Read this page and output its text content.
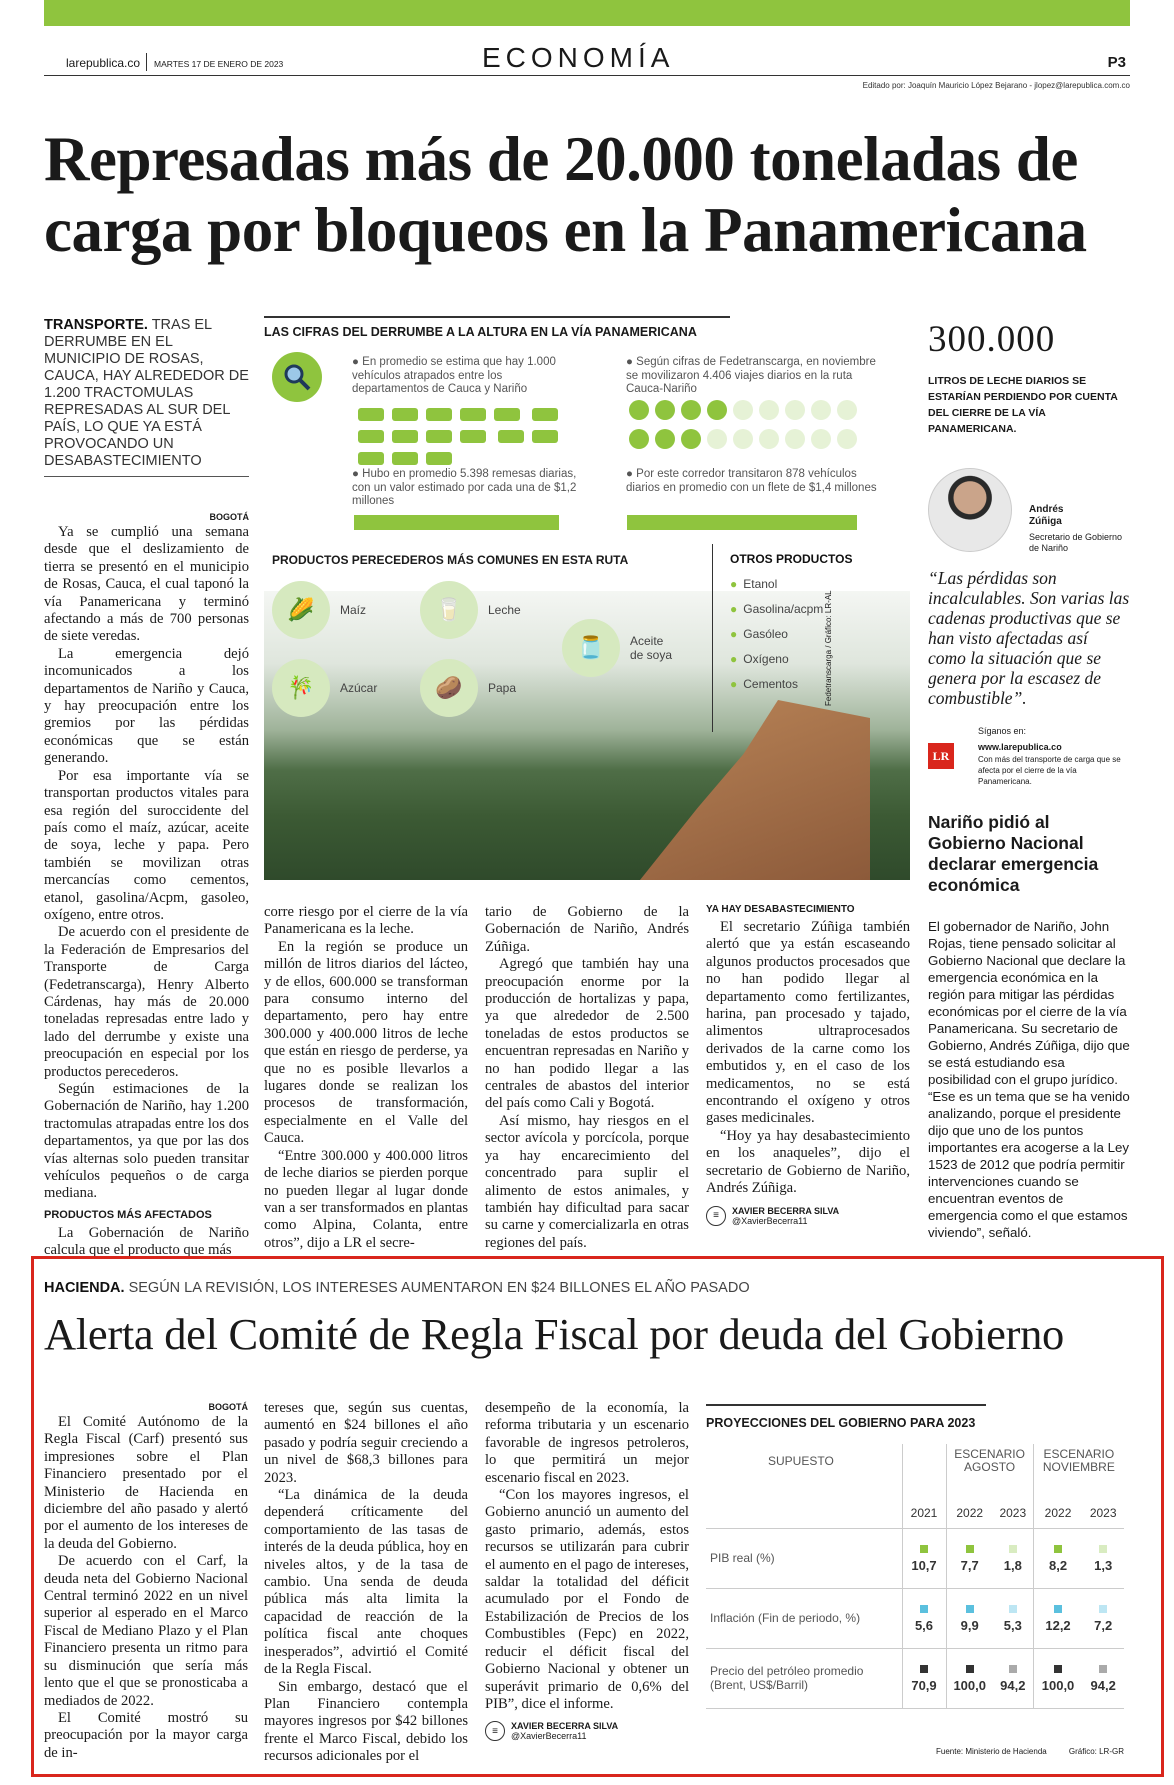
larepublica.co MARTES 17 DE ENERO DE 2023	ECONOMÍA	P3
Editado por: Joaquín Mauricio López Bejarano - jlopez@larepublica.com.co
Represadas más de 20.000 toneladas de carga por bloqueos en la Panamericana
TRANSPORTE. TRAS EL DERRUMBE EN EL MUNICIPIO DE ROSAS, CAUCA, HAY ALREDEDOR DE 1.200 TRACTOMULAS REPRESADAS AL SUR DEL PAÍS, LO QUE YA ESTÁ PROVOCANDO UN DESABASTECIMIENTO
BOGOTÁ

Ya se cumplió una semana desde que el deslizamiento de tierra se presentó en el municipio de Rosas, Cauca, el cual taponó la vía Panamericana y terminó afectando a más de 700 personas de siete veredas.

La emergencia dejó incomunicados a los departamentos de Nariño y Cauca, y hay preocupación entre los gremios por las pérdidas económicas que se están generando.

Por esa importante vía se transportan productos vitales para esa región del suroccidente del país como el maíz, azúcar, aceite de soya, leche y papa. Pero también se movilizan otras mercancías como cementos, etanol, gasolina/Acpm, gasoleo, oxígeno, entre otros.

De acuerdo con el presidente de la Federación de Empresarios del Transporte de Carga (Fedetranscarga), Henry Alberto Cárdenas, hay más de 20.000 toneladas represadas entre lado y lado del derrumbe y existe una preocupación en especial por los productos perecederos.

Según estimaciones de la Gobernación de Nariño, hay 1.200 tractomulas atrapadas entre los dos departamentos, ya que por las dos vías alternas solo pueden transitar vehículos pequeños o de carga mediana.

PRODUCTOS MÁS AFECTADOS

La Gobernación de Nariño calcula que el producto que más

LAS CIFRAS DEL DERRUMBE A LA ALTURA EN LA VÍA PANAMERICANA
● En promedio se estima que hay 1.000 vehículos atrapados entre los departamentos de Cauca y Nariño

● Según cifras de Fedetranscarga, en noviembre se movilizaron 4.406 viajes diarios en la ruta Cauca-Nariño

● Hubo en promedio 5.398 remesas diarias, con un valor estimado por cada una de $1,2 millones
● Por este corredor transitaron 878 vehículos diarios en promedio con un flete de $1,4 millones
PRODUCTOS PERECEDEROS MÁS COMUNES EN ESTA RUTA
🌽	Maíz	🥛	Leche
🎋	Azúcar	🥔	Papa
🫙	Aceite de soya
OTROS PRODUCTOS
● Etanol
● Gasolina/acpm
● Gasóleo
● Oxígeno
● Cementos	Fedetranscarga / Gráfico: LR-AL

corre riesgo por el cierre de la vía Panamericana es la leche.

En la región se produce un millón de litros diarios del lácteo, y de ellos, 600.000 se transforman para consumo interno del departamento, pero hay entre 300.000 y 400.000 litros de leche que están en riesgo de perderse, ya que no es posible llevarlos a lugares donde se realizan los procesos de transformación, especialmente en el Valle del Cauca.

“Entre 300.000 y 400.000 litros de leche diarios se pierden porque no pueden llegar al lugar donde van a ser transformados en plantas como Alpina, Colanta, entre otros”, dijo a LR el secre-

tario de Gobierno de la Gobernación de Nariño, Andrés Zúñiga.

Agregó que también hay una preocupación enorme por la producción de hortalizas y papa, ya que alrededor de 2.500 toneladas de estos productos se encuentran represadas en Nariño y no han podido llegar a las centrales de abastos del interior del país como Cali y Bogotá.

Así mismo, hay riesgos en el sector avícola y porcícola, porque ya hay encarecimiento del concentrado para suplir el alimento de estos animales, y también hay dificultad para sacar su carne y comercializarla en otras regiones del país.

YA HAY DESABASTECIMIENTO

El secretario Zúñiga también alertó que ya están escaseando algunos productos procesados que no han podido llegar al departamento como fertilizantes, harina, pan procesado y tajado, alimentos ultraprocesados derivados de la carne como los embutidos y, en el caso de los medicamentos, no se está encontrando el oxígeno y otros gases medicinales.

“Hoy ya hay desabastecimiento en los anaqueles”, dijo el secretario de Gobierno de Nariño, Andrés Zúñiga.

≡	XAVIER BECERRA SILVA
@XavierBecerra11
300.000
LITROS DE LECHE DIARIOS SE ESTARÍAN PERDIENDO POR CUENTA DEL CIERRE DE LA VÍA PANAMERICANA.
Andrés Zúñiga
Secretario de Gobierno de Nariño
“Las pérdidas son incalculables. Son varias las cadenas productivas que se han visto afectadas así como la situación que se genera por la escasez de combustible”.
Síganos en:
LR
www.larepublica.co
Con más del transporte de carga que se afecta por el cierre de la vía Panamericana.
Nariño pidió al Gobierno Nacional declarar emergencia económica
El gobernador de Nariño, John Rojas, tiene pensado solicitar al Gobierno Nacional que declare la emergencia económica en la región para mitigar las pérdidas económicas por el cierre de la vía Panamericana. Su secretario de Gobierno, Andrés Zúñiga, dijo que se está estudiando esa posibilidad con el grupo jurídico. “Ese es un tema que se ha venido analizando, porque el presidente dijo que uno de los puntos importantes era acogerse a la Ley 1523 de 2012 que podría permitir intervenciones cuando se encuentran eventos de emergencia como el que estamos viviendo”, señaló.
HACIENDA. SEGÚN LA REVISIÓN, LOS INTERESES AUMENTARON EN $24 BILLONES EL AÑO PASADO
Alerta del Comité de Regla Fiscal por deuda del Gobierno
BOGOTÁ

El Comité Autónomo de la Regla Fiscal (Carf) presentó sus impresiones sobre el Plan Financiero presentado por el Ministerio de Hacienda en diciembre del año pasado y alertó por el aumento de los intereses de la deuda del Gobierno.

De acuerdo con el Carf, la deuda neta del Gobierno Nacional Central terminó 2022 en un nivel superior al esperado en el Marco Fiscal de Mediano Plazo y el Plan Financiero presenta un ritmo para su disminución que sería más lento que el que se pronosticaba a mediados de 2022.

El Comité mostró su preocupación por la mayor carga de in-

tereses que, según sus cuentas, aumentó en $24 billones el año pasado y podría seguir creciendo a un nivel de $68,3 billones para 2023.

“La dinámica de la deuda dependerá críticamente del comportamiento de las tasas de interés de la deuda pública, hoy en niveles altos, y de la tasa de cambio. Una senda de deuda pública más alta limita la capacidad de reacción de la política fiscal ante choques inesperados”, advirtió el Comité de la Regla Fiscal.

Sin embargo, destacó que el Plan Financiero contempla mayores ingresos por $42 billones frente el Marco Fiscal, debido los recursos adicionales por el

desempeño de la economía, la reforma tributaria y un escenario favorable de ingresos petroleros, lo que permitirá un mejor escenario fiscal en 2023.

“Con los mayores ingresos, el Gobierno anunció un aumento del gasto primario, además, estos recursos se utilizarán para cubrir el aumento en el pago de intereses, saldar la totalidad del déficit acumulado por el Fondo de Estabilización de Precios de los Combustibles (Fepc) en 2022, reducir el déficit fiscal del Gobierno Nacional y obtener un superávit primario de 0,6% del PIB”, dice el informe.

≡	XAVIER BECERRA SILVA
@XavierBecerra11
PROYECCIONES DEL GOBIERNO PARA 2023
SUPUESTO		ESCENARIO AGOSTO		ESCENARIO NOVIEMBRE	
	2021	2022	2023	2022	2023
PIB real (%)	10,7	7,7	1,8	8,2	1,3

Inflación (Fin de periodo, %)	5,6	9,9	5,3	12,2	7,2

Precio del petróleo promedio (Brent, US$/Barril)	70,9	100,0	94,2	100,0	94,2
Fuente: Ministerio de Hacienda	Gráfico: LR-GR
